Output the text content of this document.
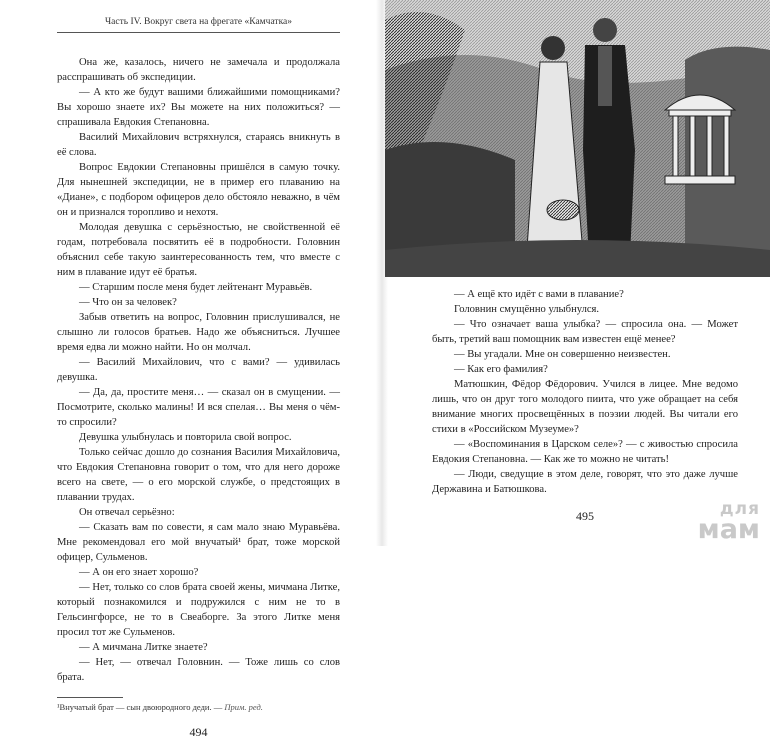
Часть IV. Вокруг света на фрегате «Камчатка»

Она же, казалось, ничего не замечала и продолжала расспрашивать об экспедиции.

— А кто же будут вашими ближайшими помощниками? Вы хорошо знаете их? Вы можете на них положиться? — спрашивала Евдокия Степановна.

Василий Михайлович встряхнулся, стараясь вникнуть в её слова.

Вопрос Евдокии Степановны пришёлся в самую точку. Для нынешней экспедиции, не в пример его плаванию на «Диане», с подбором офицеров дело обстояло неважно, в чём он и признался торопливо и нехотя.

Молодая девушка с серьёзностью, не свойственной её годам, потребовала посвятить её в подробности. Головнин объяснил себе такую заинтересованность тем, что вместе с ним в плавание идут её братья.

— Старшим после меня будет лейтенант Муравьёв.

— Что он за человек?

Забыв ответить на вопрос, Головнин прислушивался, не слышно ли голосов братьев. Надо же объясниться. Лучшее время едва ли можно найти. Но он молчал.

— Василий Михайлович, что с вами? — удивилась девушка.

— Да, да, простите меня… — сказал он в смущении. — Посмотрите, сколько малины! И вся спелая… Вы меня о чём-то спросили?

Девушка улыбнулась и повторила свой вопрос.

Только сейчас дошло до сознания Василия Михайловича, что Евдокия Степановна говорит о том, что для него дороже всего на свете, — о его морской службе, о предстоящих в плавании трудах.

Он отвечал серьёзно:

— Сказать вам по совести, я сам мало знаю Муравьёва. Мне рекомендовал его мой внучатый¹ брат, тоже морской офицер, Сульменов.

— А он его знает хорошо?

— Нет, только со слов брата своей жены, мичмана Литке, который познакомился и подружился с ним не то в Гельсингфорсе, не то в Свеаборге. За этого Литке меня просил тот же Сульменов.

— А мичмана Литке знаете?

— Нет, — отвечал Головнин. — Тоже лишь со слов брата.

¹Внучатый брат — сын двоюродного деди. — Прим. ред.
494

— А ещё кто идёт с вами в плавание?

Головнин смущённо улыбнулся.

— Что означает ваша улыбка? — спросила она. — Может быть, третий ваш помощник вам известен ещё менее?

— Вы угадали. Мне он совершенно неизвестен.

— Как его фамилия?

Матюшкин, Фёдор Фёдорович. Учился в лицее. Мне ведомо лишь, что он друг того молодого пиита, что уже обращает на себя внимание многих просвещённых в поэзии людей. Вы читали его стихи в «Российском Музеуме»?

— «Воспоминания в Царском селе»? — с живостью спросила Евдокия Степановна. — Как же то можно не читать!

— Люди, сведущие в этом деле, говорят, что это даже лучше Державина и Батюшкова.

495	для
мам
